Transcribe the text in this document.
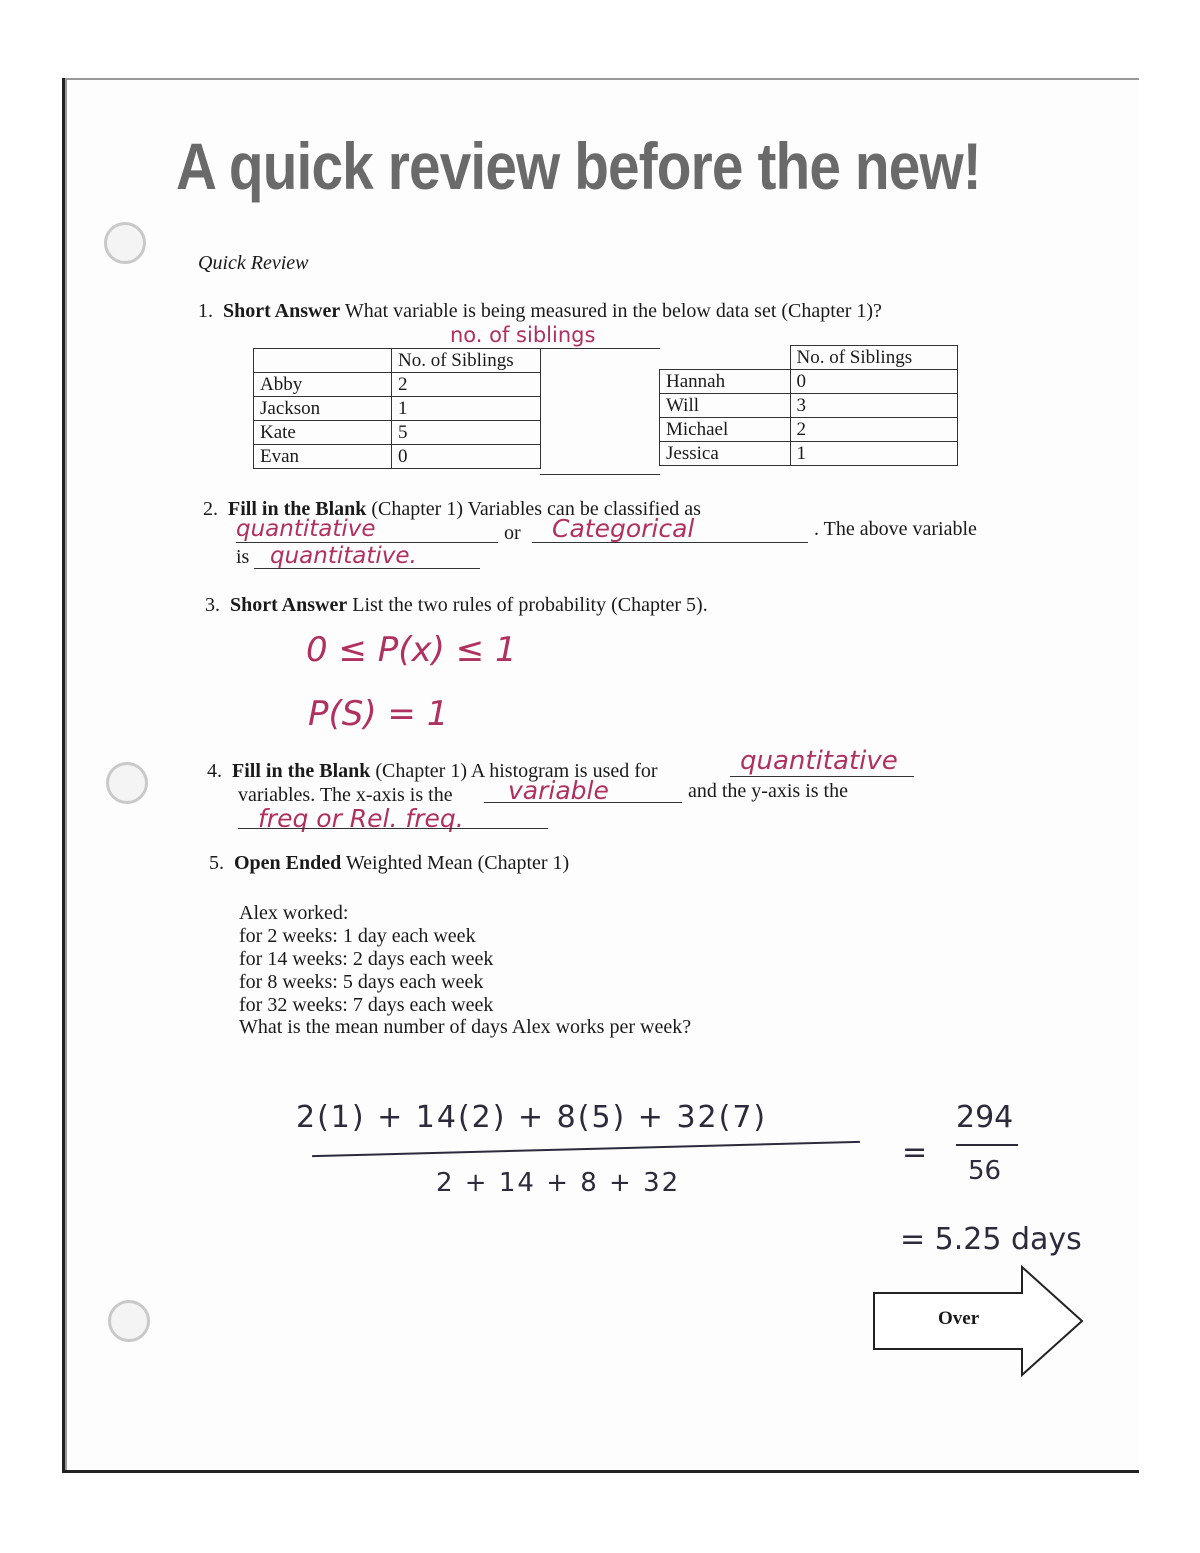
A quick review before the new!
Quick Review
1. Short Answer What variable is being measured in the below data set (Chapter 1)?
no. of siblings
	No. of Siblings
Abby	2
Jackson	1
Kate	5
Evan	0
	No. of Siblings
Hannah	0
Will	3
Michael	2
Jessica	1
2. Fill in the Blank (Chapter 1) Variables can be classified as
quantitative	or Categorical	. The above variable
is quantitative.
3. Short Answer List the two rules of probability (Chapter 5).
0 ≤ P(x) ≤ 1
P(S) = 1
4. Fill in the Blank (Chapter 1) A histogram is used for	quantitative
variables. The x-axis is the variable	and the y-axis is the
freq or Rel. freq.
5. Open Ended Weighted Mean (Chapter 1)
Alex worked:
for 2 weeks: 1 day each week
for 14 weeks: 2 days each week
for 8 weeks: 5 days each week
for 32 weeks: 7 days each week
What is the mean number of days Alex works per week?
2(1) + 14(2) + 8(5) + 32(7)
2 + 14 + 8 + 32
=
294
56
= 5.25 days
Over
